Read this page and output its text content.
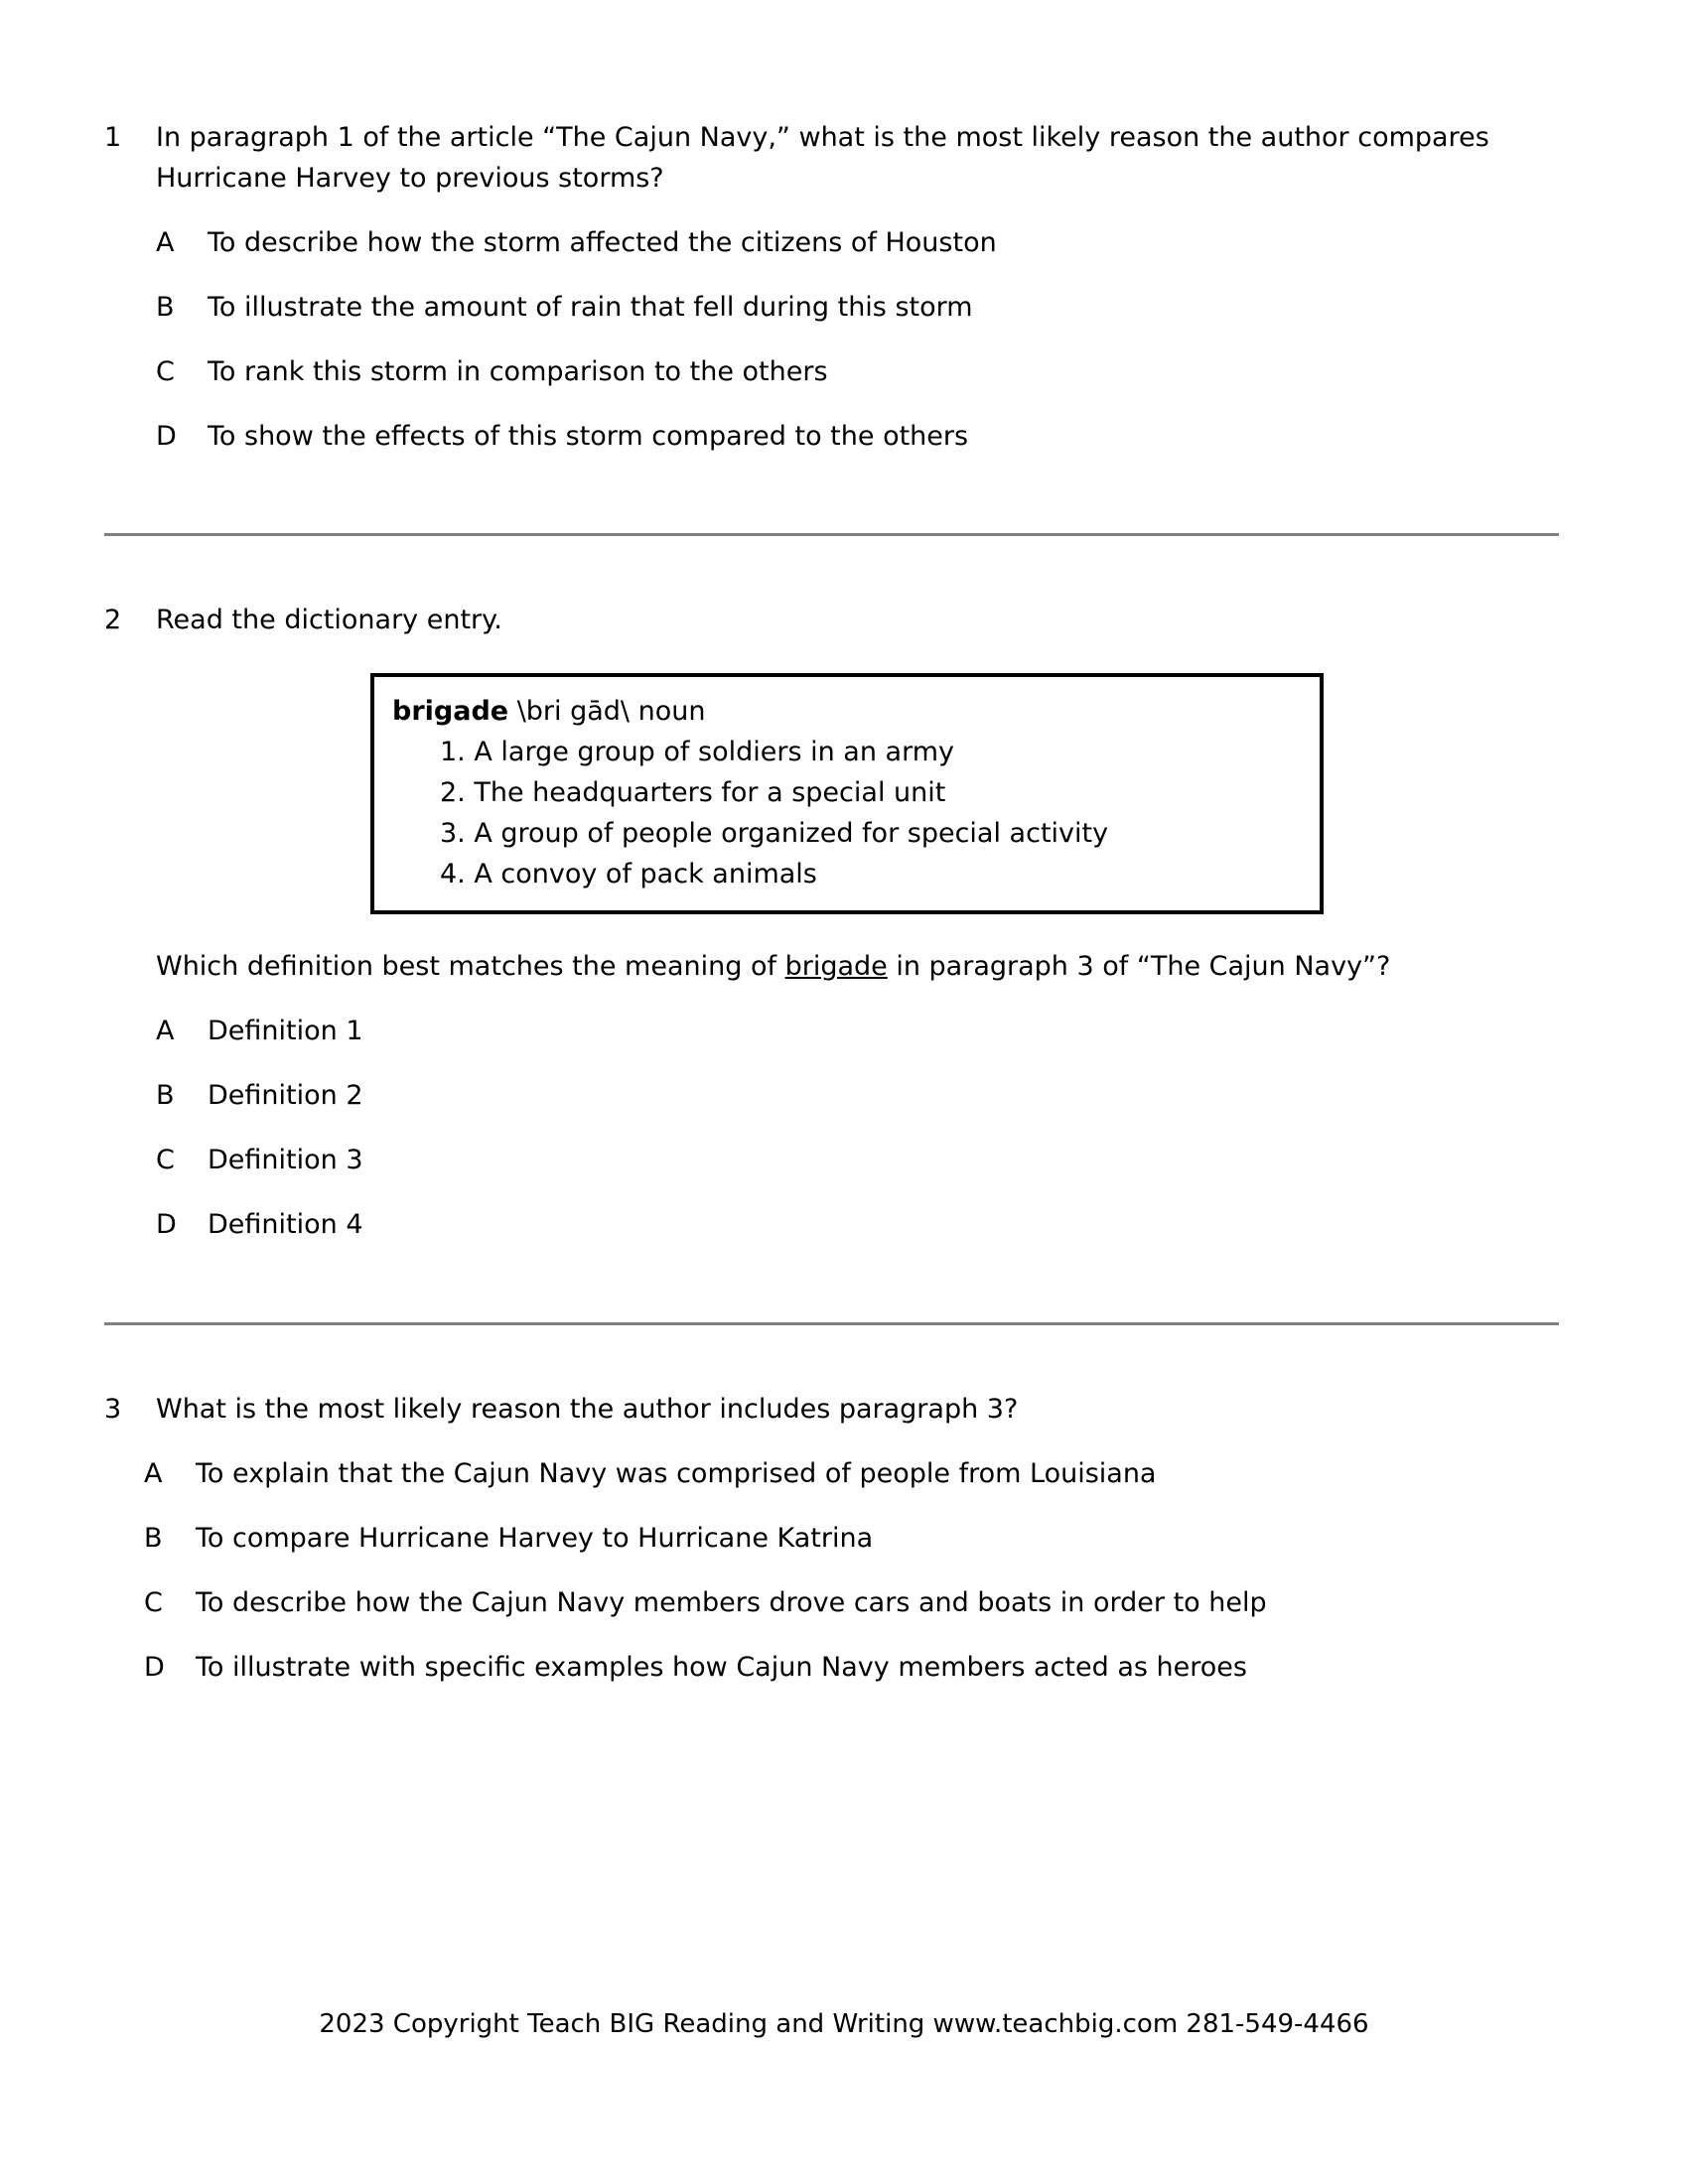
1	In paragraph 1 of the article “The Cajun Navy,” what is the most likely reason the author compares Hurricane Harvey to previous storms?
A	To describe how the storm affected the citizens of Houston
B	To illustrate the amount of rain that fell during this storm
C	To rank this storm in comparison to the others
D	To show the effects of this storm compared to the others
2	Read the dictionary entry.
brigade \bri gād\ noun
1. A large group of soldiers in an army
2. The headquarters for a special unit
3. A group of people organized for special activity
4. A convoy of pack animals
Which definition best matches the meaning of brigade in paragraph 3 of “The Cajun Navy”?
A	Definition 1
B	Definition 2
C	Definition 3
D	Definition 4
3	What is the most likely reason the author includes paragraph 3?
A	To explain that the Cajun Navy was comprised of people from Louisiana
B	To compare Hurricane Harvey to Hurricane Katrina
C	To describe how the Cajun Navy members drove cars and boats in order to help
D	To illustrate with specific examples how Cajun Navy members acted as heroes
2023 Copyright Teach BIG Reading and Writing www.teachbig.com 281-549-4466
